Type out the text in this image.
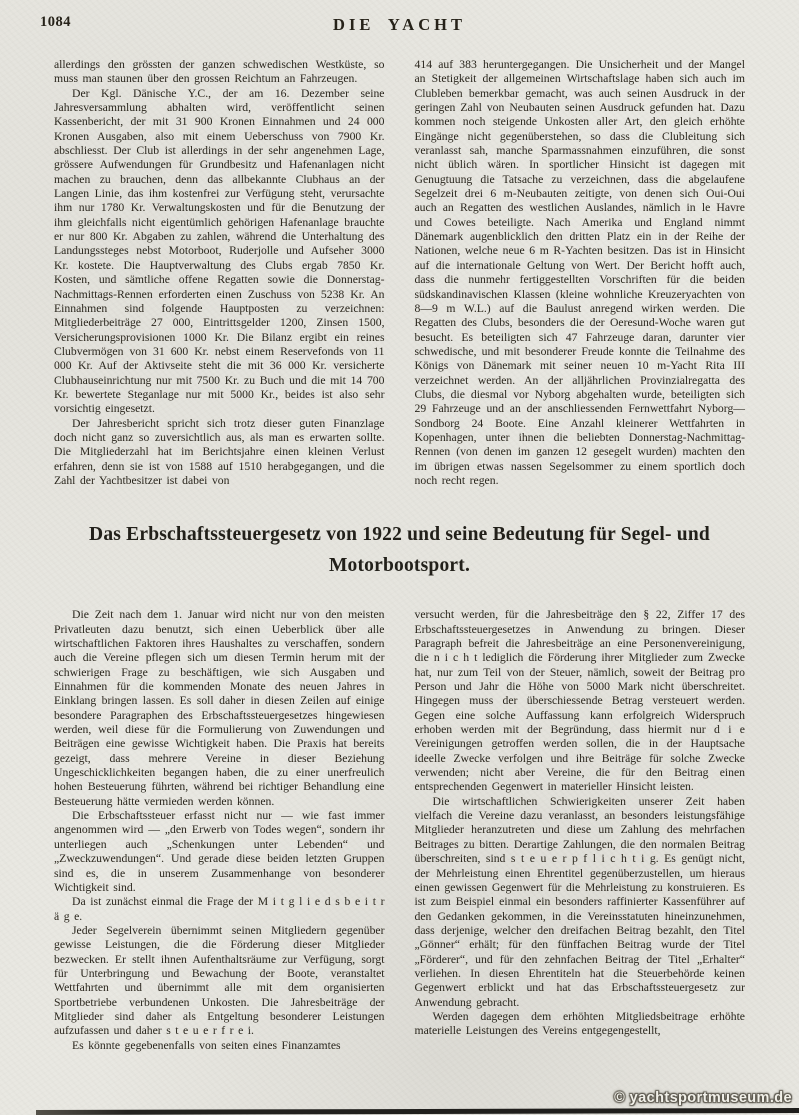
1084	DIE YACHT

allerdings den grössten der ganzen schwedischen Westküste, so muss man staunen über den grossen Reichtum an Fahrzeugen.

Der Kgl. Dänische Y.C., der am 16. Dezember seine Jahresversammlung abhalten wird, veröffentlicht seinen Kassenbericht, der mit 31 900 Kronen Einnahmen und 24 000 Kronen Ausgaben, also mit einem Ueberschuss von 7900 Kr. abschliesst. Der Club ist allerdings in der sehr angenehmen Lage, grössere Aufwendungen für Grundbesitz und Hafenanlagen nicht machen zu brauchen, denn das allbekannte Clubhaus an der Langen Linie, das ihm kostenfrei zur Verfügung steht, verursachte ihm nur 1780 Kr. Verwaltungskosten und für die Benutzung der ihm gleichfalls nicht eigentümlich gehörigen Hafenanlage brauchte er nur 800 Kr. Abgaben zu zahlen, während die Unterhaltung des Landungssteges nebst Motorboot, Ruderjolle und Aufseher 3000 Kr. kostete. Die Hauptverwaltung des Clubs ergab 7850 Kr. Kosten, und sämtliche offene Regatten sowie die Donnerstag-Nachmittags-Rennen erforderten einen Zuschuss von 5238 Kr. An Einnahmen sind folgende Hauptposten zu verzeichnen: Mitgliederbeiträge 27 000, Eintrittsgelder 1200, Zinsen 1500, Versicherungsprovisionen 1000 Kr. Die Bilanz ergibt ein reines Clubvermögen von 31 600 Kr. nebst einem Reservefonds von 11 000 Kr. Auf der Aktivseite steht die mit 36 000 Kr. versicherte Clubhauseinrichtung nur mit 7500 Kr. zu Buch und die mit 14 700 Kr. bewertete Steganlage nur mit 5000 Kr., beides ist also sehr vorsichtig eingesetzt.

Der Jahresbericht spricht sich trotz dieser guten Finanzlage doch nicht ganz so zuversichtlich aus, als man es erwarten sollte. Die Mitgliederzahl hat im Berichtsjahre einen kleinen Verlust erfahren, denn sie ist von 1588 auf 1510 herabgegangen, und die Zahl der Yachtbesitzer ist dabei von

414 auf 383 heruntergegangen. Die Unsicherheit und der Mangel an Stetigkeit der allgemeinen Wirtschaftslage haben sich auch im Clubleben bemerkbar gemacht, was auch seinen Ausdruck in der geringen Zahl von Neubauten seinen Ausdruck gefunden hat. Dazu kommen noch steigende Unkosten aller Art, den gleich erhöhte Eingänge nicht gegenüberstehen, so dass die Clubleitung sich veranlasst sah, manche Sparmassnahmen einzuführen, die sonst nicht üblich wären. In sportlicher Hinsicht ist dagegen mit Genugtuung die Tatsache zu verzeichnen, dass die abgelaufene Segelzeit drei 6 m-Neubauten zeitigte, von denen sich Oui-Oui auch an Regatten des westlichen Auslandes, nämlich in le Havre und Cowes beteiligte. Nach Amerika und England nimmt Dänemark augenblicklich den dritten Platz ein in der Reihe der Nationen, welche neue 6 m R-Yachten besitzen. Das ist in Hinsicht auf die internationale Geltung von Wert. Der Bericht hofft auch, dass die nunmehr fertiggestellten Vorschriften für die beiden südskandinavischen Klassen (kleine wohnliche Kreuzeryachten von 8—9 m W.L.) auf die Baulust anregend wirken werden. Die Regatten des Clubs, besonders die der Oeresund-Woche waren gut besucht. Es beteiligten sich 47 Fahrzeuge daran, darunter vier schwedische, und mit besonderer Freude konnte die Teilnahme des Königs von Dänemark mit seiner neuen 10 m-Yacht Rita III verzeichnet werden. An der alljährlichen Provinzialregatta des Clubs, die diesmal vor Nyborg abgehalten wurde, beteiligten sich 29 Fahrzeuge und an der anschliessenden Fernwettfahrt Nyborg—Sondborg 24 Boote. Eine Anzahl kleinerer Wettfahrten in Kopenhagen, unter ihnen die beliebten Donnerstag-Nachmittag-Rennen (von denen im ganzen 12 gesegelt wurden) machten den im übrigen etwas nassen Segelsommer zu einem sportlich doch noch recht regen.

Das Erbschaftssteuergesetz von 1922 und seine Bedeutung für Segel- und Motorbootsport.

Die Zeit nach dem 1. Januar wird nicht nur von den meisten Privatleuten dazu benutzt, sich einen Ueberblick über alle wirtschaftlichen Faktoren ihres Haushaltes zu verschaffen, sondern auch die Vereine pflegen sich um diesen Termin herum mit der schwierigen Frage zu beschäftigen, wie sich Ausgaben und Einnahmen für die kommenden Monate des neuen Jahres in Einklang bringen lassen. Es soll daher in diesen Zeilen auf einige besondere Paragraphen des Erbschaftssteuergesetzes hingewiesen werden, weil diese für die Formulierung von Zuwendungen und Beiträgen eine gewisse Wichtigkeit haben. Die Praxis hat bereits gezeigt, dass mehrere Vereine in dieser Beziehung Ungeschicklichkeiten begangen haben, die zu einer unerfreulich hohen Besteuerung führten, während bei richtiger Behandlung eine Besteuerung hätte vermieden werden können.

Die Erbschaftssteuer erfasst nicht nur — wie fast immer angenommen wird — „den Erwerb von Todes wegen“, sondern ihr unterliegen auch „Schenkungen unter Lebenden“ und „Zweckzuwendungen“. Und gerade diese beiden letzten Gruppen sind es, die in unserem Zusammenhange von besonderer Wichtigkeit sind.

Da ist zunächst einmal die Frage der M i t g l i e d s b e i t r ä g e.

Jeder Segelverein übernimmt seinen Mitgliedern gegenüber gewisse Leistungen, die die Förderung dieser Mitglieder bezwecken. Er stellt ihnen Aufenthaltsräume zur Verfügung, sorgt für Unterbringung und Bewachung der Boote, veranstaltet Wettfahrten und übernimmt alle mit dem organisierten Sportbetriebe verbundenen Unkosten. Die Jahresbeiträge der Mitglieder sind daher als Entgeltung besonderer Leistungen aufzufassen und daher s t e u e r f r e i.

Es könnte gegebenenfalls von seiten eines Finanzamtes

versucht werden, für die Jahresbeiträge den § 22, Ziffer 17 des Erbschaftssteuergesetzes in Anwendung zu bringen. Dieser Paragraph befreit die Jahresbeiträge an eine Personenvereinigung, die n i c h t lediglich die Förderung ihrer Mitglieder zum Zwecke hat, nur zum Teil von der Steuer, nämlich, soweit der Beitrag pro Person und Jahr die Höhe von 5000 Mark nicht überschreitet. Hingegen muss der überschiessende Betrag versteuert werden. Gegen eine solche Auffassung kann erfolgreich Widerspruch erhoben werden mit der Begründung, dass hiermit nur d i e Vereinigungen getroffen werden sollen, die in der Hauptsache ideelle Zwecke verfolgen und ihre Beiträge für solche Zwecke verwenden; nicht aber Vereine, die für den Beitrag einen entsprechenden Gegenwert in materieller Hinsicht leisten.

Die wirtschaftlichen Schwierigkeiten unserer Zeit haben vielfach die Vereine dazu veranlasst, an besonders leistungsfähige Mitglieder heranzutreten und diese um Zahlung des mehrfachen Beitrages zu bitten. Derartige Zahlungen, die den normalen Beitrag überschreiten, sind s t e u e r p f l i c h t i g. Es genügt nicht, der Mehrleistung einen Ehrentitel gegenüberzustellen, um hieraus einen gewissen Gegenwert für die Mehrleistung zu konstruieren. Es ist zum Beispiel einmal ein besonders raffinierter Kassenführer auf den Gedanken gekommen, in die Vereinsstatuten hineinzunehmen, dass derjenige, welcher den dreifachen Beitrag bezahlt, den Titel „Gönner“ erhält; für den fünffachen Beitrag wurde der Titel „Förderer“, und für den zehnfachen Beitrag der Titel „Erhalter“ verliehen. In diesen Ehrentiteln hat die Steuerbehörde keinen Gegenwert erblickt und hat das Erbschaftssteuergesetz zur Anwendung gebracht.

Werden dagegen dem erhöhten Mitgliedsbeitrage erhöhte materielle Leistungen des Vereins entgegengestellt,

© yachtsportmuseum.de
